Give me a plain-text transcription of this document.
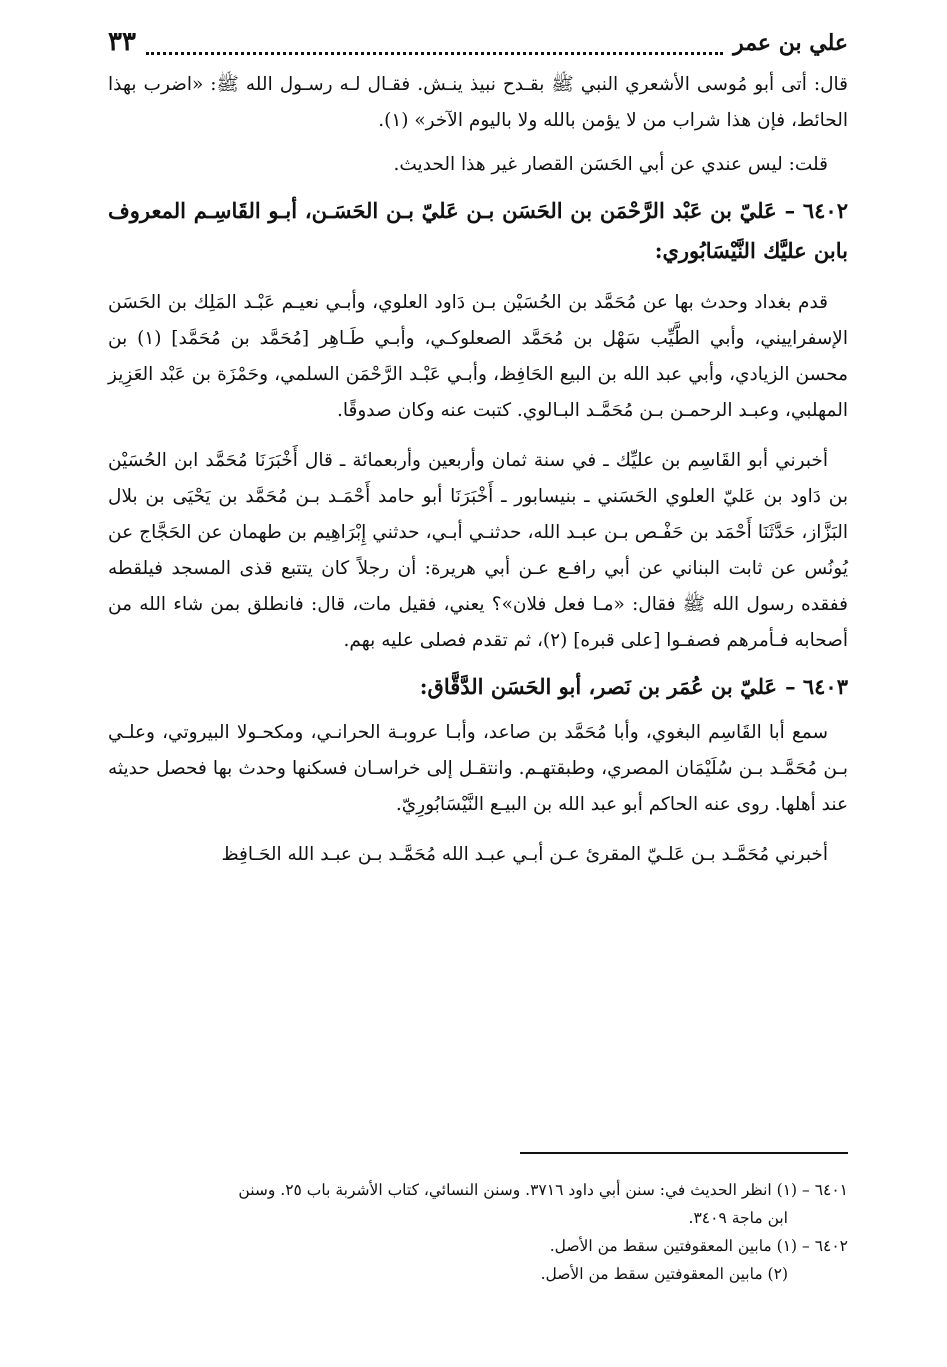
علي بن عمر
٣٣

قال: أتى أبو مُوسى الأشعري النبي ﷺ بقـدح نبيذ ينـش. فقـال لـه رسـول الله ﷺ: «اضرب بهذا الحائط، فإن هذا شراب من لا يؤمن بالله ولا باليوم الآخر» (١).

قلت: ليس عندي عن أبي الحَسَن القصار غير هذا الحديث.

٦٤٠٢ –عَليّ بن عَبْد الرَّحْمَن بن الحَسَن بـن عَليّ بـن الحَسَـن، أبـو القَاسِـم المعروف بابن عليَّك النَّيْسَابُوري:

قدم بغداد وحدث بها عن مُحَمَّد بن الحُسَيْن بـن دَاود العلوي، وأبـي نعيـم عَبْـد المَلِك بن الحَسَن الإسفراييني، وأبي الطَّيِّب سَهْل بن مُحَمَّد الصعلوكـي، وأبـي طَـاهِر [مُحَمَّد بن مُحَمَّد] (١) بن محسن الزيادي، وأبي عبد الله بن البيع الحَافِظ، وأبـي عَبْـد الرَّحْمَن السلمي، وحَمْزَة بن عَبْد العَزِيز المهلبي، وعبـد الرحمـن بـن مُحَمَّـد البـالوي. كتبت عنه وكان صدوقًا.

أخبرني أبو القَاسِم بن عليِّك ـ في سنة ثمان وأربعين وأربعمائة ـ قال أَخْبَرَنَا مُحَمَّد ابن الحُسَيْن بن دَاود بن عَليّ العلوي الحَسَني ـ بنيسابور ـ أَخْبَرَنَا أبو حامد أَحْمَـد بـن مُحَمَّد بن يَحْيَى بن بلال البَزَّاز، حَدَّثَنَا أَحْمَد بن حَفْـص بـن عبـد الله، حدثنـي أبـي، حدثني إِبْرَاهِيم بن طهمان عن الحَجَّاج عن يُونُس عن ثابت البناني عن أبي رافـع عـن أبي هريرة: أن رجلاً كان يتتبع قذى المسجد فيلقطه ففقده رسول الله ﷺ فقال: «مـا فعل فلان»؟ يعني، فقيل مات، قال: فانطلق بمن شاء الله من أصحابه فـأمرهم فصفـوا [على قبره] (٢)، ثم تقدم فصلى عليه بهم.

٦٤٠٣ –عَليّ بن عُمَر بن نَصر، أبو الحَسَن الدَّقَّاق:

سمع أبا القَاسِم البغوي، وأبا مُحَمَّد بن صاعد، وأبـا عروبـة الحرانـي، ومكحـولا البيروتي، وعلـي بـن مُحَمَّـد بـن سُلَيْمَان المصري، وطبقتهـم. وانتقـل إلى خراسـان فسكنها وحدث بها فحصل حديثه عند أهلها. روى عنه الحاكم أبو عبد الله بن البيـع النَّيْسَابُورِيّ.

أخبرني مُحَمَّـد بـن عَلـيّ المقرئ عـن أبـي عبـد الله مُحَمَّـد بـن عبـد الله الحَـافِظ

٦٤٠١ – (١) انظر الحديث في: سنن أبي داود ٣٧١٦. وسنن النسائي، كتاب الأشربة باب ٢٥. وسنن

ابن ماجة ٣٤٠٩.

٦٤٠٢ – (١) مابين المعقوفتين سقط من الأصل.

(٢) مابين المعقوفتين سقط من الأصل.
